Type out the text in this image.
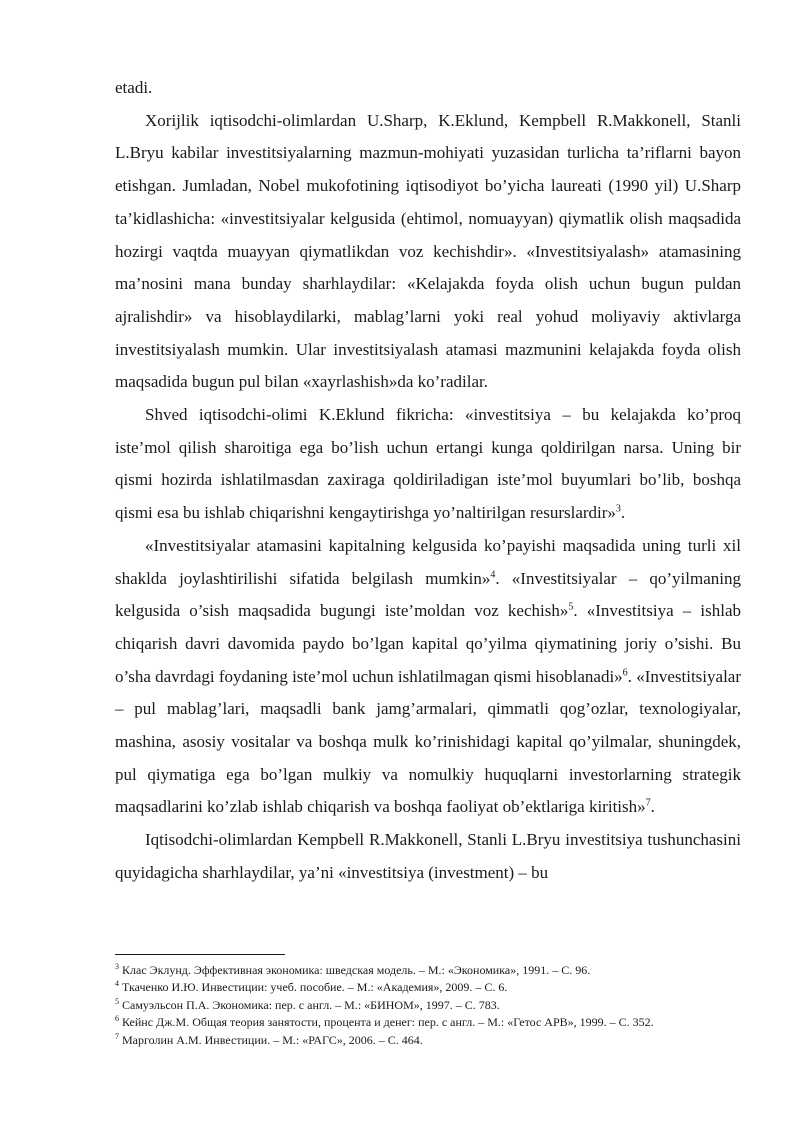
etadi.

Xorijlik iqtisodchi-olimlardan U.Sharp, K.Eklund, Kempbell R.Makkonell, Stanli L.Bryu kabilar investitsiyalarning mazmun-mohiyati yuzasidan turlicha ta’riflarni bayon etishgan. Jumladan, Nobel mukofotining iqtisodiyot bo’yicha laureati (1990 yil) U.Sharp ta’kidlashicha: «investitsiyalar kelgusida (ehtimol, nomuayyan) qiymatlik olish maqsadida hozirgi vaqtda muayyan qiymatlikdan voz kechishdir». «Investitsiyalash» atamasining ma’nosini mana bunday sharhlaydilar: «Kelajakda foyda olish uchun bugun puldan ajralishdir» va hisoblaydilarki, mablag’larni yoki real yohud moliyaviy aktivlarga investitsiyalash mumkin. Ular investitsiyalash atamasi mazmunini kelajakda foyda olish maqsadida bugun pul bilan «xayrlashish»da ko’radilar.

Shved iqtisodchi-olimi K.Eklund fikricha: «investitsiya – bu kelajakda ko’proq iste’mol qilish sharoitiga ega bo’lish uchun ertangi kunga qoldirilgan narsa. Uning bir qismi hozirda ishlatilmasdan zaxiraga qoldiriladigan iste’mol buyumlari bo’lib, boshqa qismi esa bu ishlab chiqarishni kengaytirishga yo’naltirilgan resurslardir»$^3$.

«Investitsiyalar atamasini kapitalning kelgusida ko’payishi maqsadida uning turli xil shaklda joylashtirilishi sifatida belgilash mumkin»$^4$. «Investitsiyalar – qo’yilmaning kelgusida o’sish maqsadida bugungi iste’moldan voz kechish»$^5$. «Investitsiya – ishlab chiqarish davri davomida paydo bo’lgan kapital qo’yilma qiymatining joriy o’sishi. Bu o’sha davrdagi foydaning iste’mol uchun ishlatilmagan qismi hisoblanadi»$^6$. «Investitsiyalar – pul mablag’lari, maqsadli bank jamg’armalari, qimmatli qog’ozlar, texnologiyalar, mashina, asosiy vositalar va boshqa mulk ko’rinishidagi kapital qo’yilmalar, shuningdek, pul qiymatiga ega bo’lgan mulkiy va nomulkiy huquqlarni investorlarning strategik maqsadlarini ko’zlab ishlab chiqarish va boshqa faoliyat ob’ektlariga kiritish»$^7$.

Iqtisodchi-olimlardan Kempbell R.Makkonell, Stanli L.Bryu investitsiya tushunchasini quyidagicha sharhlaydilar, ya’ni «investitsiya (investment) – bu

$^3$ Клас Эклунд. Эффективная экономика: шведская модель. – М.: «Экономика», 1991. – С. 96.
$^4$ Ткаченко И.Ю. Инвестиции: учеб. пособие. – М.: «Академия», 2009. – С. 6.
$^5$ Самуэльсон П.А. Экономика: пер. с англ. – М.: «БИНОМ», 1997. – С. 783.
$^6$ Кейнс Дж.М. Общая теория занятости, процента и денег: пер. с англ. – М.: «Гетос АРВ», 1999. – С. 352.
$^7$ Марголин А.М. Инвестиции. – М.: «РАГС», 2006. – С. 464.
